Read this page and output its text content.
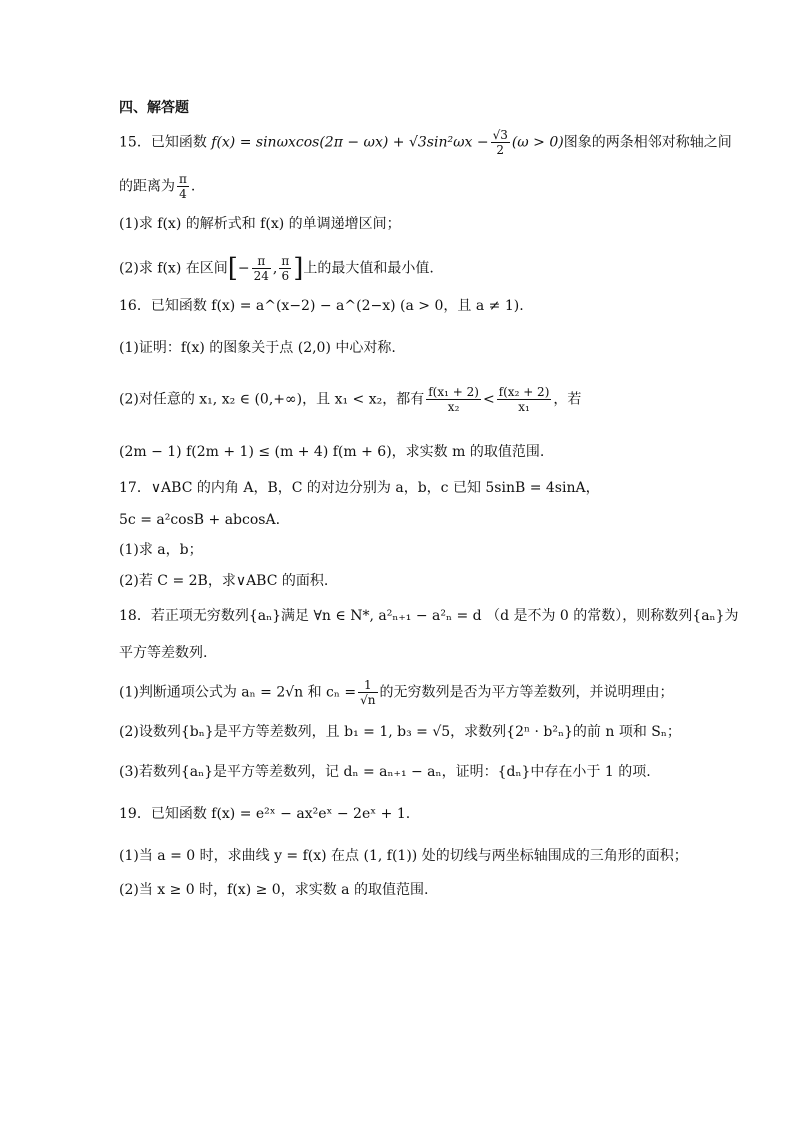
四、解答题
15．已知函数 $f(x) = \sin\omega xcos(2\pi - \omega x) + √3\sin^2\omega x - \frac{√3}{2} (\omega > 0)$图象的两条相邻对称轴之间
的距离为 $\frac{\pi}{4}$ .
(1)求 f(x) 的解析式和 f(x) 的单调递增区间；
(2)求 f(x) 在区间[− $\frac{\pi}{24}$ , $\frac{\pi}{6}$ ]上的最大值和最小值.
16．已知函数 f(x) = a^(x−2) − a^(2−x) (a > 0，且 a ≠ 1).
(1)证明：f(x) 的图象关于点 (2,0) 中心对称.
(2)对任意的 x₁, x₂ ∈ (0,+∞)，且 x₁ < x₂，都有 $\frac{\text{f(x₁ + 2)}}{\text{x₂}} < \frac{\text{f(x₂ + 2)}}{\text{x₁}}$ ，若
(2m − 1) f(2m + 1) ≤ (m + 4) f(m + 6)，求实数 m 的取值范围.
17．∨ABC 的内角 A，B，C 的对边分别为 a，b，c 已知 5sinB = 4sinA，
5c = a²cosB + abcosA.
(1)求 a，b；
(2)若 C = 2B，求∨ABC 的面积.
18．若正项无穷数列{aₙ}满足 ∀n ∈ N*, a²ₙ₊₁ − a²ₙ = d （d 是不为 0 的常数），则称数列{aₙ}为
平方等差数列.
(1)判断通项公式为 aₙ = 2√n 和 $c_n = \frac{1}{√n}$ 的无穷数列是否为平方等差数列，并说明理由；
(2)设数列{bₙ}是平方等差数列，且 b₁ = 1, b₃ = √5，求数列{2ⁿ · b²ₙ}的前 n 项和 Sₙ；
(3)若数列{aₙ}是平方等差数列，记 dₙ = aₙ₊₁ − aₙ，证明：{dₙ}中存在小于 1 的项.
19．已知函数 f(x) = e²ˣ − ax²eˣ − 2eˣ + 1.
(1)当 a = 0 时，求曲线 y = f(x) 在点 (1, f(1)) 处的切线与两坐标轴围成的三角形的面积；
(2)当 x ≥ 0 时，f(x) ≥ 0，求实数 a 的取值范围.
